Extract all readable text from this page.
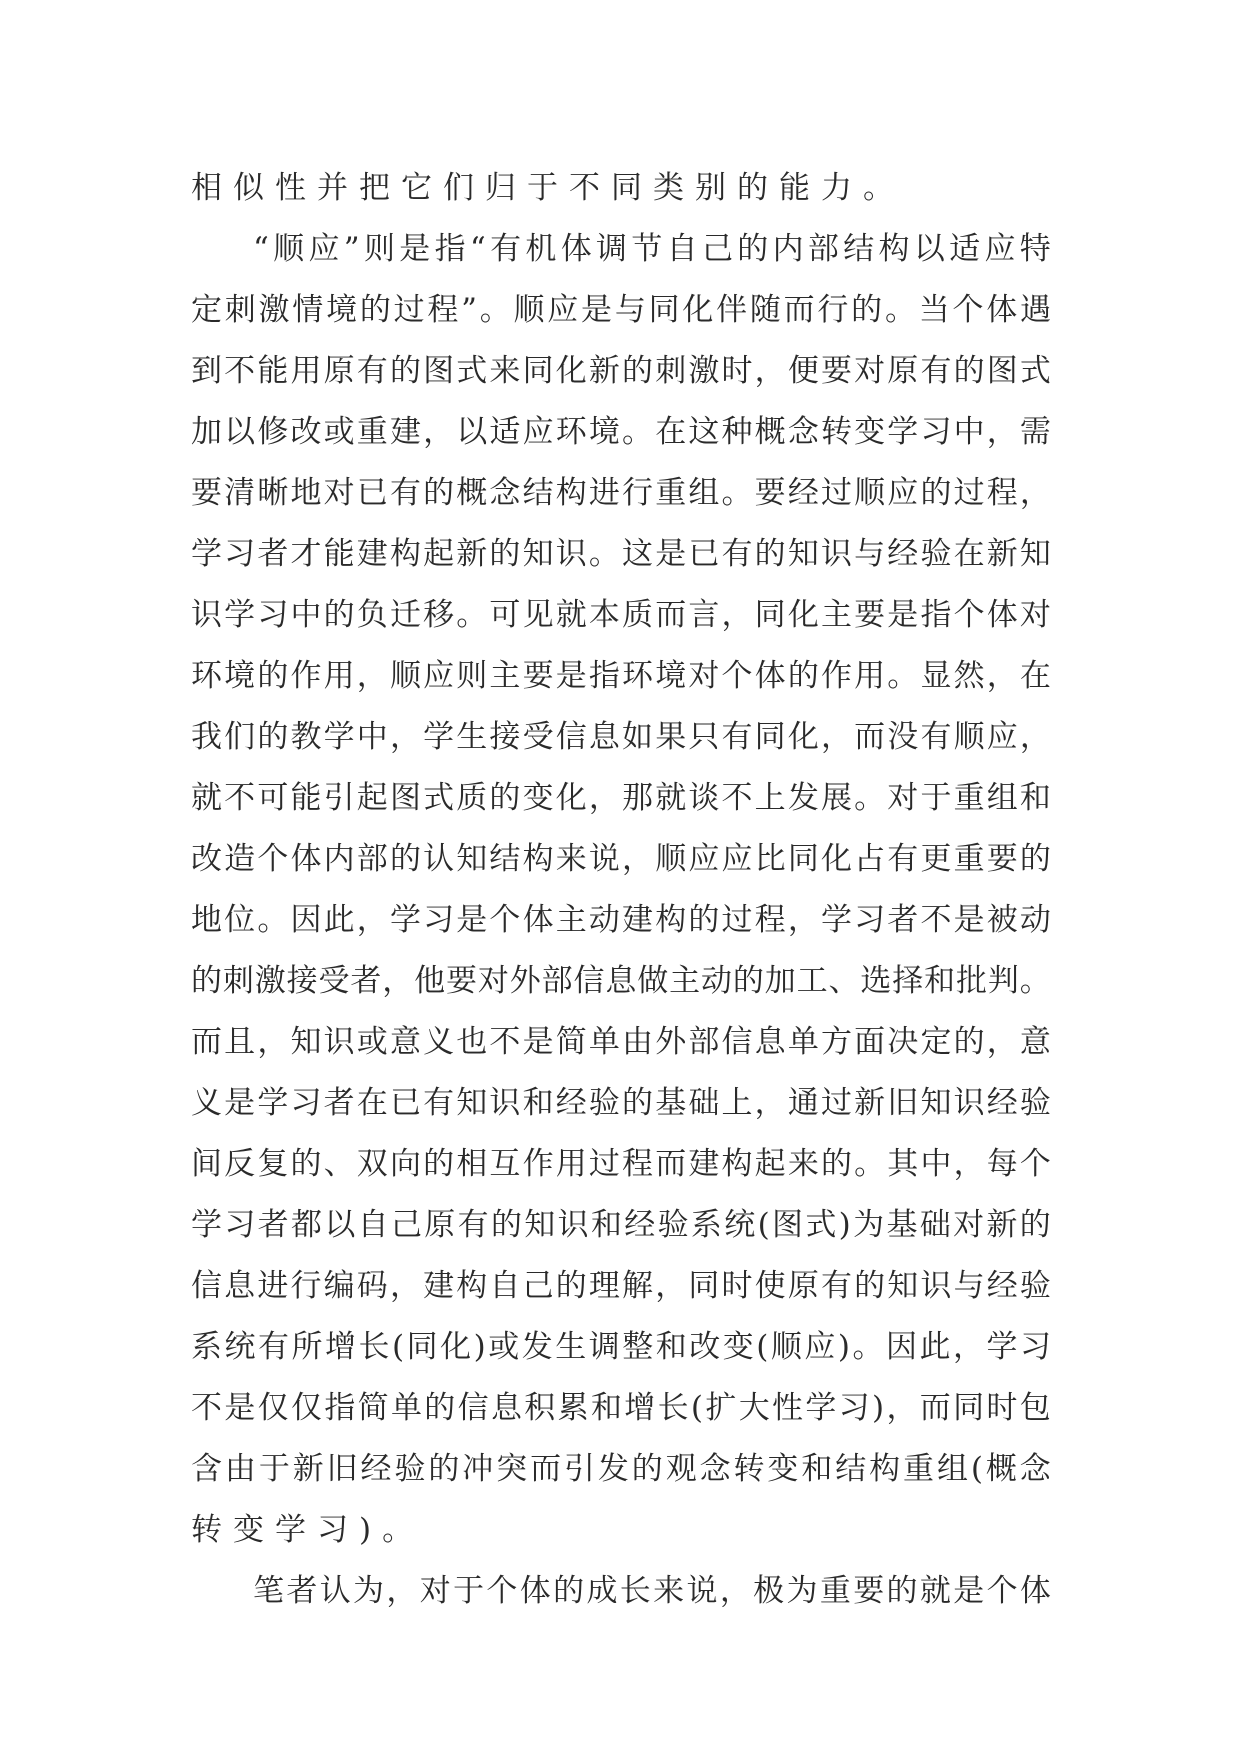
相似性并把它们归于不同类别的能力。
“ 顺 应 ” 则 是 指 “ 有 机 体 调 节 自 己 的 内 部 结 构 以 适 应 特
定 刺 激 情 境 的 过 程 ” 。 顺 应 是 与 同 化 伴 随 而 行 的 。 当 个 体 遇
到 不 能 用 原 有 的 图 式 来 同 化 新 的 刺 激 时 ， 便 要 对 原 有 的 图 式
加 以 修 改 或 重 建 ， 以 适 应 环 境 。 在 这 种 概 念 转 变 学 习 中 ， 需
要 清 晰 地 对 已 有 的 概 念 结 构 进 行 重 组 。 要 经 过 顺 应 的 过 程 ，
学 习 者 才 能 建 构 起 新 的 知 识 。 这 是 已 有 的 知 识 与 经 验 在 新 知
识 学 习 中 的 负 迁 移 。 可 见 就 本 质 而 言 ， 同 化 主 要 是 指 个 体 对
环 境 的 作 用 ， 顺 应 则 主 要 是 指 环 境 对 个 体 的 作 用 。 显 然 ， 在
我 们 的 教 学 中 ， 学 生 接 受 信 息 如 果 只 有 同 化 ， 而 没 有 顺 应 ，
就 不 可 能 引 起 图 式 质 的 变 化 ， 那 就 谈 不 上 发 展 。 对 于 重 组 和
改 造 个 体 内 部 的 认 知 结 构 来 说 ， 顺 应 应 比 同 化 占 有 更 重 要 的
地 位 。 因 此 ， 学 习 是 个 体 主 动 建 构 的 过 程 ， 学 习 者 不 是 被 动
的 刺 激 接 受 者 ， 他 要 对 外 部 信 息 做 主 动 的 加 工 、 选 择 和 批 判 。
而 且 ， 知 识 或 意 义 也 不 是 简 单 由 外 部 信 息 单 方 面 决 定 的 ， 意
义 是 学 习 者 在 已 有 知 识 和 经 验 的 基 础 上 ， 通 过 新 旧 知 识 经 验
间 反 复 的 、 双 向 的 相 互 作 用 过 程 而 建 构 起 来 的 。 其 中 ， 每 个
学 习 者 都 以 自 己 原 有 的 知 识 和 经 验 系 统 ( 图 式 ) 为 基 础 对 新 的
信 息 进 行 编 码 ， 建 构 自 己 的 理 解 ， 同 时 使 原 有 的 知 识 与 经 验
系 统 有 所 增 长 ( 同 化 ) 或 发 生 调 整 和 改 变 ( 顺 应 ) 。 因 此 ， 学 习
不 是 仅 仅 指 简 单 的 信 息 积 累 和 增 长 ( 扩 大 性 学 习 ) ， 而 同 时 包
含 由 于 新 旧 经 验 的 冲 突 而 引 发 的 观 念 转 变 和 结 构 重 组 ( 概 念
转变学习)。
笔 者 认 为 ， 对 于 个 体 的 成 长 来 说 ， 极 为 重 要 的 就 是 个 体
